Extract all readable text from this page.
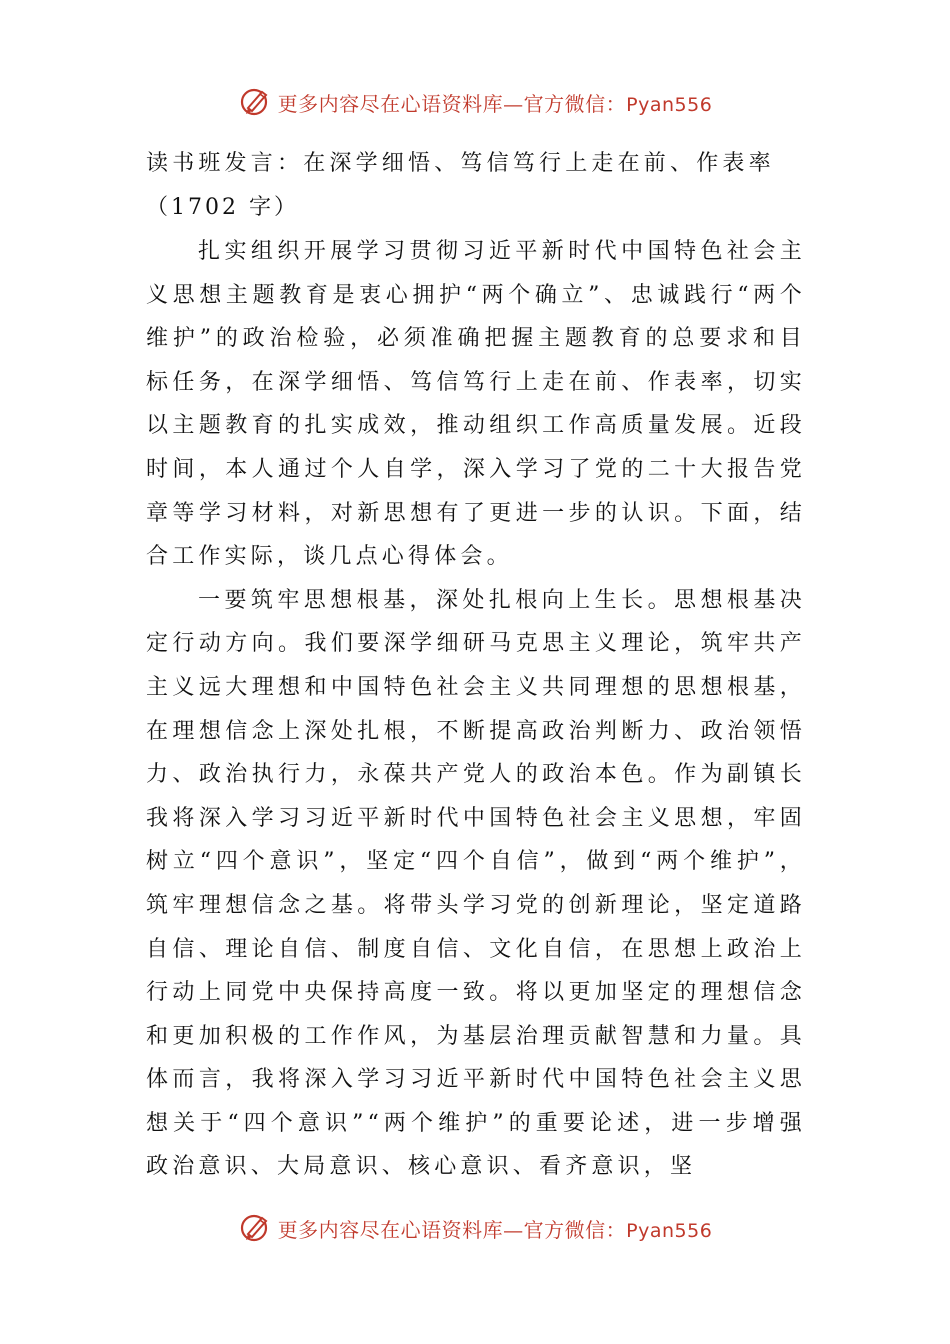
更多内容尽在心语资料库—官方微信：Pyan556

读书班发言：在深学细悟、笃信笃行上走在前、作表率（1702 字）

扎实组织开展学习贯彻习近平新时代中国特色社会主义思想主题教育是衷心拥护“两个确立”、忠诚践行“两个维护”的政治检验，必须准确把握主题教育的总要求和目标任务，在深学细悟、笃信笃行上走在前、作表率，切实以主题教育的扎实成效，推动组织工作高质量发展。近段时间，本人通过个人自学，深入学习了党的二十大报告党章等学习材料，对新思想有了更进一步的认识。下面，结合工作实际，谈几点心得体会。

一要筑牢思想根基，深处扎根向上生长。思想根基决定行动方向。我们要深学细研马克思主义理论，筑牢共产主义远大理想和中国特色社会主义共同理想的思想根基，在理想信念上深处扎根，不断提高政治判断力、政治领悟力、政治执行力，永葆共产党人的政治本色。作为副镇长我将深入学习习近平新时代中国特色社会主义思想，牢固树立“四个意识”，坚定“四个自信”，做到“两个维护”，筑牢理想信念之基。将带头学习党的创新理论，坚定道路自信、理论自信、制度自信、文化自信，在思想上政治上行动上同党中央保持高度一致。将以更加坚定的理想信念和更加积极的工作作风，为基层治理贡献智慧和力量。具体而言，我将深入学习习近平新时代中国特色社会主义思想关于“四个意识”“两个维护”的重要论述，进一步增强政治意识、大局意识、核心意识、看齐意识，坚

更多内容尽在心语资料库—官方微信：Pyan556
